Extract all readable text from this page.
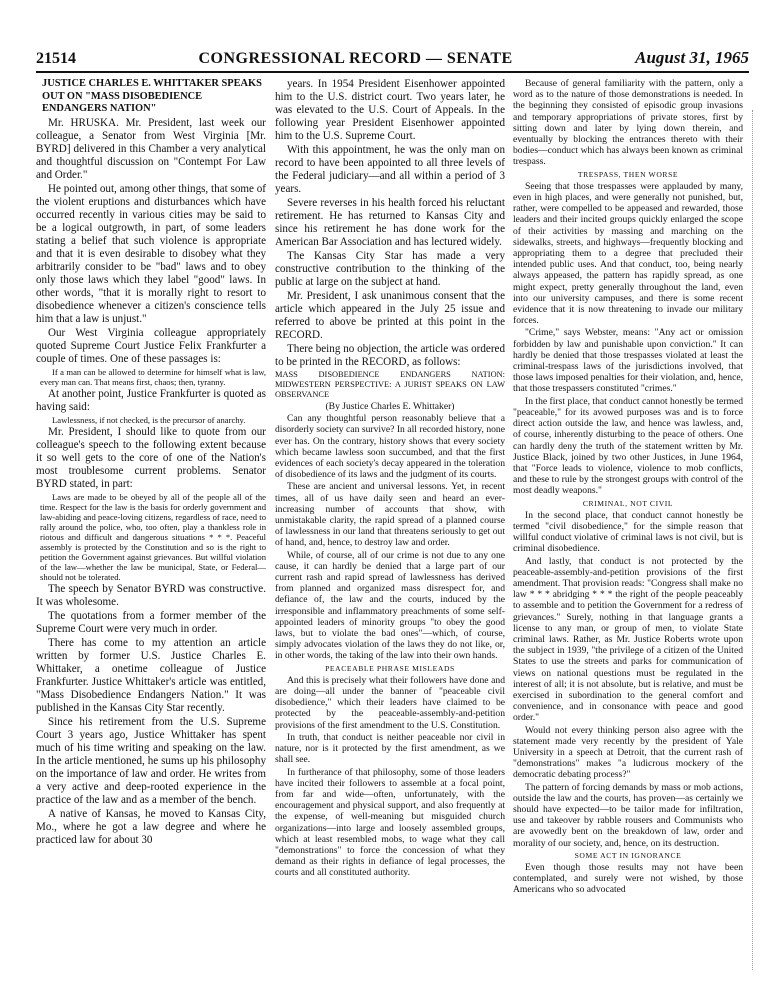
21514	CONGRESSIONAL RECORD — SENATE	August 31, 1965

JUSTICE CHARLES E. WHITTAKER SPEAKS OUT ON "MASS DISOBEDIENCE ENDANGERS NATION"

Mr. HRUSKA. Mr. President, last week our colleague, a Senator from West Virginia [Mr. BYRD] delivered in this Chamber a very analytical and thoughtful discussion on "Contempt For Law and Order."

He pointed out, among other things, that some of the violent eruptions and disturbances which have occurred recently in various cities may be said to be a logical outgrowth, in part, of some leaders stating a belief that such violence is appropriate and that it is even desirable to disobey what they arbitrarily consider to be "bad" laws and to obey only those laws which they label "good" laws. In other words, "that it is morally right to resort to disobedience whenever a citizen's conscience tells him that a law is unjust."

Our West Virginia colleague appropriately quoted Supreme Court Justice Felix Frankfurter a couple of times. One of these passages is:

If a man can be allowed to determine for himself what is law, every man can. That means first, chaos; then, tyranny.

At another point, Justice Frankfurter is quoted as having said:

Lawlessness, if not checked, is the precursor of anarchy.

Mr. President, I should like to quote from our colleague's speech to the following extent because it so well gets to the core of one of the Nation's most troublesome current problems. Senator BYRD stated, in part:

Laws are made to be obeyed by all of the people all of the time. Respect for the law is the basis for orderly government and law-abiding and peace-loving citizens, regardless of race, need to rally around the police, who, too often, play a thankless role in riotous and difficult and dangerous situations * * *. Peaceful assembly is protected by the Constitution and so is the right to petition the Government against grievances. But willful violation of the law—whether the law be municipal, State, or Federal—should not be tolerated.

The speech by Senator BYRD was constructive. It was wholesome.

The quotations from a former member of the Supreme Court were very much in order.

There has come to my attention an article written by former U.S. Justice Charles E. Whittaker, a onetime colleague of Justice Frankfurter. Justice Whittaker's article was entitled, "Mass Disobedience Endangers Nation." It was published in the Kansas City Star recently.

Since his retirement from the U.S. Supreme Court 3 years ago, Justice Whittaker has spent much of his time writing and speaking on the law. In the article mentioned, he sums up his philosophy on the importance of law and order. He writes from a very active and deep-rooted experience in the practice of the law and as a member of the bench.

A native of Kansas, he moved to Kansas City, Mo., where he got a law degree and where he practiced law for about 30

years. In 1954 President Eisenhower appointed him to the U.S. district court. Two years later, he was elevated to the U.S. Court of Appeals. In the following year President Eisenhower appointed him to the U.S. Supreme Court.

With this appointment, he was the only man on record to have been appointed to all three levels of the Federal judiciary—and all within a period of 3 years.

Severe reverses in his health forced his reluctant retirement. He has returned to Kansas City and since his retirement he has done work for the American Bar Association and has lectured widely.

The Kansas City Star has made a very constructive contribution to the thinking of the public at large on the subject at hand.

Mr. President, I ask unanimous consent that the article which appeared in the July 25 issue and referred to above be printed at this point in the RECORD.

There being no objection, the article was ordered to be printed in the RECORD, as follows:

MASS DISOBEDIENCE ENDANGERS NATION: MIDWESTERN PERSPECTIVE: A JURIST SPEAKS ON LAW OBSERVANCE

(By Justice Charles E. Whittaker)

Can any thoughtful person reasonably believe that a disorderly society can survive? In all recorded history, none ever has. On the contrary, history shows that every society which became lawless soon succumbed, and that the first evidences of each society's decay appeared in the toleration of disobedience of its laws and the judgment of its courts.

These are ancient and universal lessons. Yet, in recent times, all of us have daily seen and heard an ever-increasing number of accounts that show, with unmistakable clarity, the rapid spread of a planned course of lawlessness in our land that threatens seriously to get out of hand, and, hence, to destroy law and order.

While, of course, all of our crime is not due to any one cause, it can hardly be denied that a large part of our current rash and rapid spread of lawlessness has derived from planned and organized mass disrespect for, and defiance of, the law and the courts, induced by the irresponsible and inflammatory preachments of some self-appointed leaders of minority groups "to obey the good laws, but to violate the bad ones"—which, of course, simply advocates violation of the laws they do not like, or, in other words, the taking of the law into their own hands.

PEACEABLE PHRASE MISLEADS

And this is precisely what their followers have done and are doing—all under the banner of "peaceable civil disobedience," which their leaders have claimed to be protected by the peaceable-assembly-and-petition provisions of the first amendment to the U.S. Constitution.

In truth, that conduct is neither peaceable nor civil in nature, nor is it protected by the first amendment, as we shall see.

In furtherance of that philosophy, some of those leaders have incited their followers to assemble at a focal point, from far and wide—often, unfortunately, with the encouragement and physical support, and also frequently at the expense, of well-meaning but misguided church organizations—into large and loosely assembled groups, which at least resembled mobs, to wage what they call "demonstrations" to force the concession of what they demand as their rights in defiance of legal processes, the courts and all constituted authority.

Because of general familiarity with the pattern, only a word as to the nature of those demonstrations is needed. In the beginning they consisted of episodic group invasions and temporary appropriations of private stores, first by sitting down and later by lying down therein, and eventually by blocking the entrances thereto with their bodies—conduct which has always been known as criminal trespass.

TRESPASS, THEN WORSE

Seeing that those trespasses were applauded by many, even in high places, and were generally not punished, but, rather, were compelled to be appeased and rewarded, those leaders and their incited groups quickly enlarged the scope of their activities by massing and marching on the sidewalks, streets, and highways—frequently blocking and appropriating them to a degree that precluded their intended public uses. And that conduct, too, being nearly always appeased, the pattern has rapidly spread, as one might expect, pretty generally throughout the land, even into our university campuses, and there is some recent evidence that it is now threatening to invade our military forces.

"Crime," says Webster, means: "Any act or omission forbidden by law and punishable upon conviction." It can hardly be denied that those trespasses violated at least the criminal-trespass laws of the jurisdictions involved, that those laws imposed penalties for their violation, and, hence, that those trespassers constituted "crimes."

In the first place, that conduct cannot honestly be termed "peaceable," for its avowed purposes was and is to force direct action outside the law, and hence was lawless, and, of course, inherently disturbing to the peace of others. One can hardly deny the truth of the statement written by Mr. Justice Black, joined by two other Justices, in June 1964, that "Force leads to violence, violence to mob conflicts, and these to rule by the strongest groups with control of the most deadly weapons."

CRIMINAL, NOT CIVIL

In the second place, that conduct cannot honestly be termed "civil disobedience," for the simple reason that willful conduct violative of criminal laws is not civil, but is criminal disobedience.

And lastly, that conduct is not protected by the peaceable-assembly-and-petition provisions of the first amendment. That provision reads: "Congress shall make no law * * * abridging * * * the right of the people peaceably to assemble and to petition the Government for a redress of grievances." Surely, nothing in that language grants a license to any man, or group of men, to violate State criminal laws. Rather, as Mr. Justice Roberts wrote upon the subject in 1939, "the privilege of a citizen of the United States to use the streets and parks for communication of views on national questions must be regulated in the interest of all; it is not absolute, but is relative, and must be exercised in subordination to the general comfort and convenience, and in consonance with peace and good order."

Would not every thinking person also agree with the statement made very recently by the president of Yale University in a speech at Detroit, that the current rash of "demonstrations" makes "a ludicrous mockery of the democratic debating process?"

The pattern of forcing demands by mass or mob actions, outside the law and the courts, has proven—as certainly we should have expected—to be tailor made for infiltration, use and takeover by rabble rousers and Communists who are avowedly bent on the breakdown of law, order and morality of our society, and, hence, on its destruction.

SOME ACT IN IGNORANCE

Even though those results may not have been contemplated, and surely were not wished, by those Americans who so advocated
